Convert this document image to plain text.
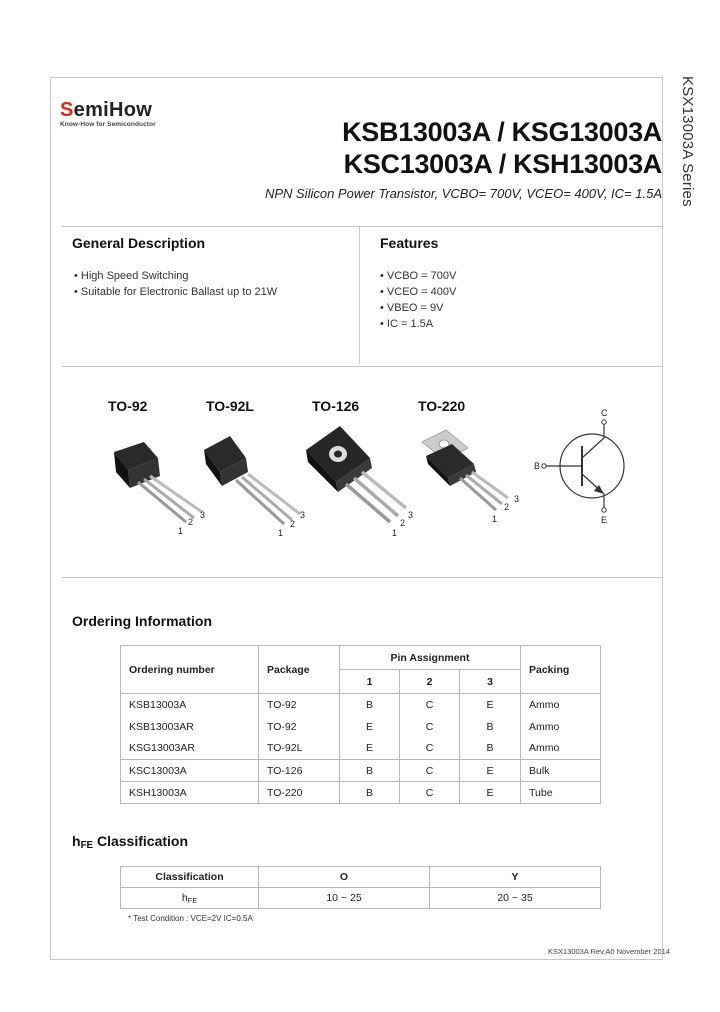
KSX13003A Series
SemiHow
Know-How for Semiconductor	KSB13003A / KSG13003A
KSC13003A / KSH13003A
NPN Silicon Power Transistor, VCBO= 700V, VCEO= 400V, IC= 1.5A
General Description
• High Speed Switching
• Suitable for Electronic Ballast up to 21W
Features
• VCBO = 700V
• VCEO = 400V
• VBEO = 9V
• IC = 1.5A
TO-92	TO-92L	TO-126	TO-220
1
2
3
1
2
3
1
2
3	1
2
3
C
B
E
Ordering Information
Ordering number	Package	Pin Assignment			Packing
		1	2	3	
KSB13003A	TO-92	B	C	E	Ammo
KSB13003AR	TO-92	E	C	B	Ammo
KSG13003AR	TO-92L	E	C	B	Ammo
KSC13003A	TO-126	B	C	E	Bulk
KSH13003A	TO-220	B	C	E	Tube
$h_{FE}$ Classification
Classification	O	Y
$h_{FE}$	10 ~ 25	20 ~ 35
* Test Condition : VCE=2V IC=0.5A
KSX13003A Rev.A0 November 2014
